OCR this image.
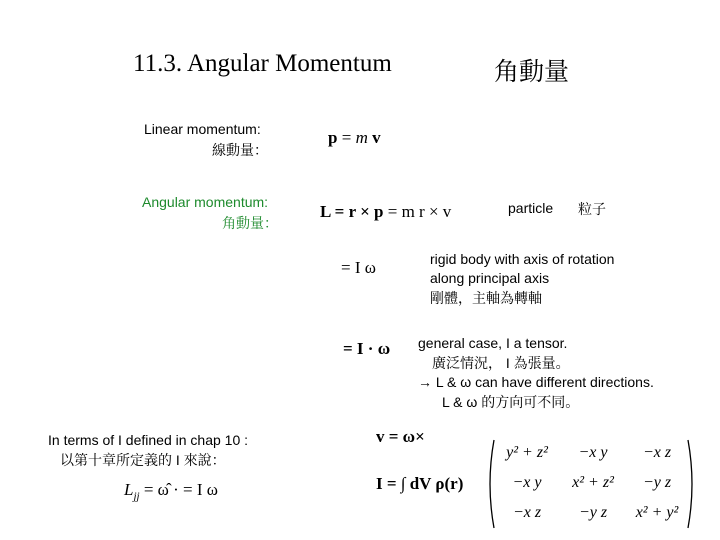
11.3. Angular Momentum	角動量
Linear momentum:
線動量：
p = m v
Angular momentum:
角動量：
L = r × p = m r × v	particle 粒子
= I ω	rigid body with axis of rotation
along principal axis
剛體，主軸為轉軸
= I · ω general case, I a tensor.
廣泛情況， I 為張量。
→ L & ω can have different directions.
L & ω 的方向可不同。
In terms of I defined in chap 10 :
以第十章所定義的 I 來說：
$L_{jj}$ = ω̂ · = I ω
v = ω×
I = ∫ dV ρ(r)
y² + z²	−x y	−x z
−x y	x² + z²	−y z
−x z	−y z	x² + y²
